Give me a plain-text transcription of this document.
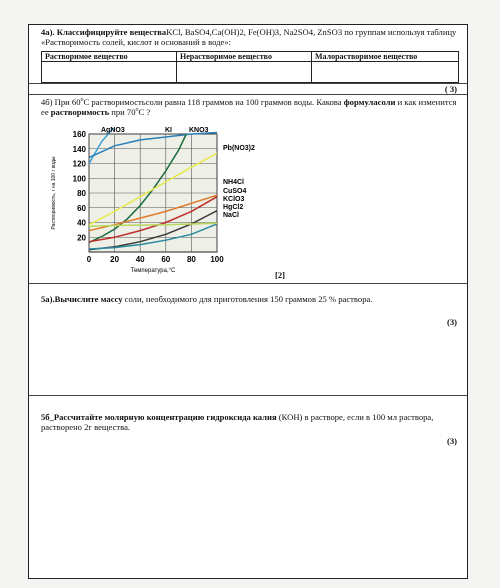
4а). Классифицируйте веществаKCl, BaSO4,Ca(OH)2, Fe(OH)3, Na2SO4, ZnSO3 по группам используя таблицу «Растворимость солей, кислот и оснований в воде»:
Растворимое вещество	Нерастворимое вещество	Малорастворимое вещество

( 3)
4б) При $60^оС$ растворимостьсоли равна 118 граммов на 100 граммов воды. Какова формуласоли и как изменится ее растворимость при $70^оС$ ?
20
40
60
80
100
120
140
160
0 20 40 60 80 100
Температура,°С
Растворимость, г на 100 г воды
AgNO3	KI KNO3
Pb(NO3)2
NH4Cl
CuSO4
KClO3
HgCl2
NaCl
[2]
5а).Вычислите массу соли, необходимого для приготовления 150 граммов 25 % раствора.
(3)
5б_Рассчитайте молярную концентрацию гидроксида калия (КОН) в растворе, если в 100 мл раствора, растворено 2г вещества.
(3)
